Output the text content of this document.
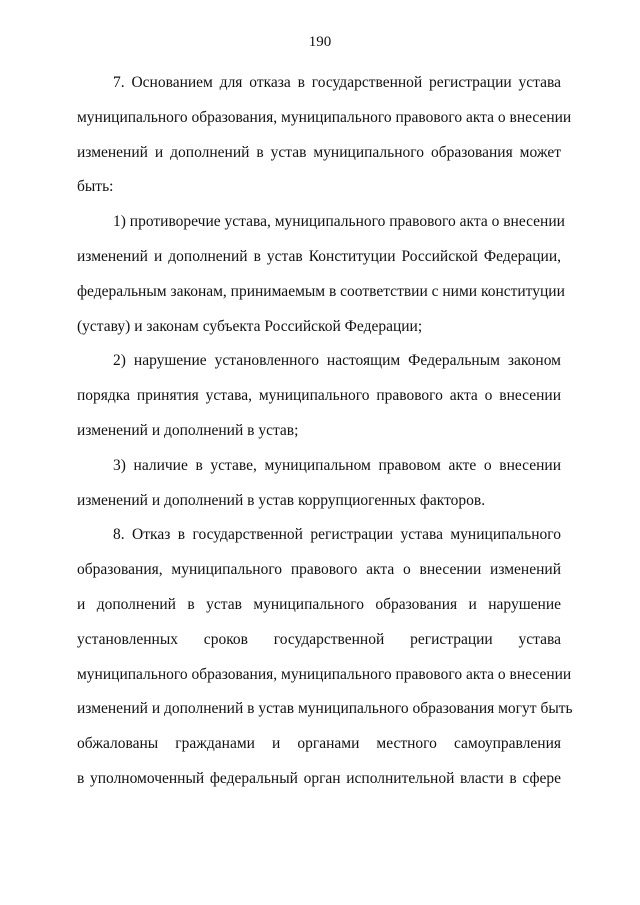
190
7. Основанием для отказа в государственной регистрации устава
муниципального образования, муниципального правового акта о внесении
изменений и дополнений в устав муниципального образования может
быть:
1) противоречие устава, муниципального правового акта о внесении
изменений и дополнений в устав Конституции Российской Федерации,
федеральным законам, принимаемым в соответствии с ними конституции
(уставу) и законам субъекта Российской Федерации;
2) нарушение установленного настоящим Федеральным законом
порядка принятия устава, муниципального правового акта о внесении
изменений и дополнений в устав;
3) наличие в уставе, муниципальном правовом акте о внесении
изменений и дополнений в устав коррупциогенных факторов.
8. Отказ в государственной регистрации устава муниципального
образования, муниципального правового акта о внесении изменений
и дополнений в устав муниципального образования и нарушение
установленных сроков государственной регистрации устава
муниципального образования, муниципального правового акта о внесении
изменений и дополнений в устав муниципального образования могут быть
обжалованы гражданами и органами местного самоуправления
в уполномоченный федеральный орган исполнительной власти в сфере
